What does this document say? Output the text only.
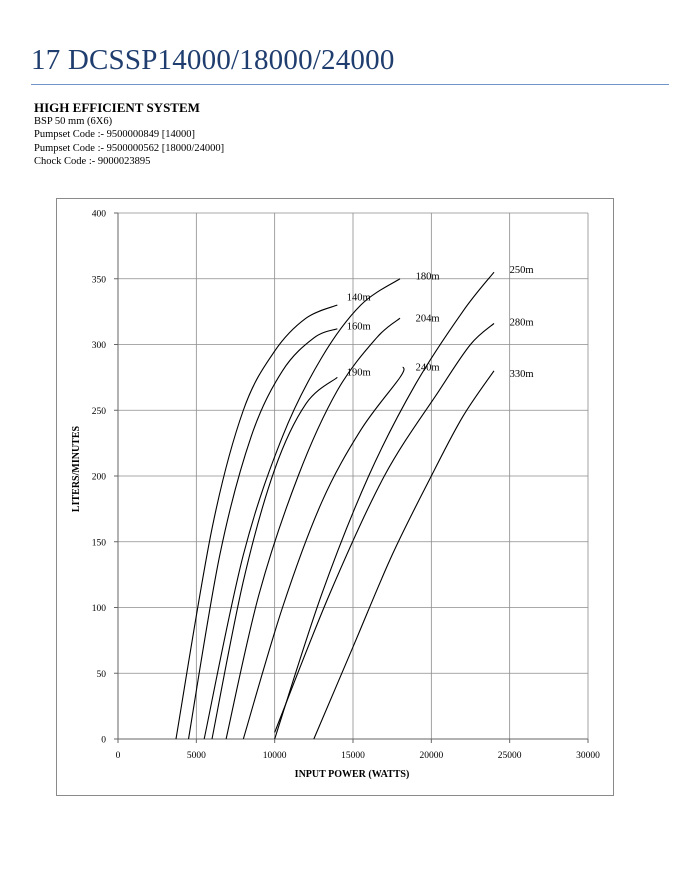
17 DCSSP14000/18000/24000
HIGH EFFICIENT SYSTEM
BSP 50 mm (6X6)
Pumpset Code :- 9500000849 [14000]
Pumpset Code :- 9500000562 [18000/24000]
Chock Code :- 9000023895
0	5000	10000	15000	20000	25000	30000
0
50
100
150
200
250
300
350
400
140m
160m
180m
190m
204m
240m
250m
280m
330m
INPUT POWER (WATTS)
LITERS/MINUTES
